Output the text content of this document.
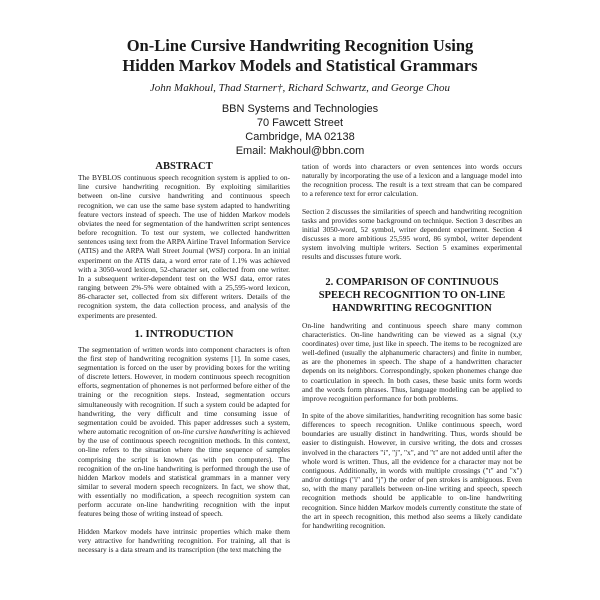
On-Line Cursive Handwriting Recognition Using
Hidden Markov Models and Statistical Grammars
John Makhoul, Thad Starner†, Richard Schwartz, and George Chou
BBN Systems and Technologies
70 Fawcett Street
Cambridge, MA 02138
Email: Makhoul@bbn.com
ABSTRACT

The BYBLOS continuous speech recognition system is applied to on-line cursive handwriting recognition. By exploiting similarities between on-line cursive handwriting and continuous speech recognition, we can use the same base system adapted to handwriting feature vectors instead of speech. The use of hidden Markov models obviates the need for segmentation of the handwritten script sentences before recognition. To test our system, we collected handwritten sentences using text from the ARPA Airline Travel Information Service (ATIS) and the ARPA Wall Street Journal (WSJ) corpora. In an initial experiment on the ATIS data, a word error rate of 1.1% was achieved with a 3050-word lexicon, 52-character set, collected from one writer. In a subsequent writer-dependent test on the WSJ data, error rates ranging between 2%-5% were obtained with a 25,595-word lexicon, 86-character set, collected from six different writers. Details of the recognition system, the data collection process, and analysis of the experiments are presented.

1. INTRODUCTION

The segmentation of written words into component characters is often the first step of handwriting recognition systems [1]. In some cases, segmentation is forced on the user by providing boxes for the writing of discrete letters. However, in modern continuous speech recognition efforts, segmentation of phonemes is not performed before either of the training or the recognition steps. Instead, segmentation occurs simultaneously with recognition. If such a system could be adapted for handwriting, the very difficult and time consuming issue of segmentation could be avoided. This paper addresses such a system, where automatic recognition of on-line cursive handwriting is achieved by the use of continuous speech recognition methods. In this context, on-line refers to the situation where the time sequence of samples comprising the script is known (as with pen computers). The recognition of the on-line handwriting is performed through the use of hidden Markov models and statistical grammars in a manner very similar to several modern speech recognizers. In fact, we show that, with essentially no modification, a speech recognition system can perform accurate on-line handwriting recognition with the input features being those of writing instead of speech.

Hidden Markov models have intrinsic properties which make them very attractive for handwriting recognition. For training, all that is necessary is a data stream and its transcription (the text matching the

tation of words into characters or even sentences into words occurs naturally by incorporating the use of a lexicon and a language model into the recognition process. The result is a text stream that can be compared to a reference text for error calculation.

Section 2 discusses the similarities of speech and handwriting recognition tasks and provides some background on technique. Section 3 describes an initial 3050-word, 52 symbol, writer dependent experiment. Section 4 discusses a more ambitious 25,595 word, 86 symbol, writer dependent system involving multiple writers. Section 5 examines experimental results and discusses future work.

2. COMPARISON OF CONTINUOUS
SPEECH RECOGNITION TO ON-LINE
HANDWRITING RECOGNITION

On-line handwriting and continuous speech share many common characteristics. On-line handwriting can be viewed as a signal (x,y coordinates) over time, just like in speech. The items to be recognized are well-defined (usually the alphanumeric characters) and finite in number, as are the phonemes in speech. The shape of a handwritten character depends on its neighbors. Correspondingly, spoken phonemes change due to coarticulation in speech. In both cases, these basic units form words and the words form phrases. Thus, language modeling can be applied to improve recognition performance for both problems.

In spite of the above similarities, handwriting recognition has some basic differences to speech recognition. Unlike continuous speech, word boundaries are usually distinct in handwriting. Thus, words should be easier to distinguish. However, in cursive writing, the dots and crosses involved in the characters "i", "j", "x", and "t" are not added until after the whole word is written. Thus, all the evidence for a character may not be contiguous. Additionally, in words with multiple crossings ("t" and "x") and/or dottings ("i" and "j") the order of pen strokes is ambiguous. Even so, with the many parallels between on-line writing and speech, speech recognition methods should be applicable to on-line handwriting recognition. Since hidden Markov models currently constitute the state of the art in speech recognition, this method also seems a likely candidate for handwriting recognition.
